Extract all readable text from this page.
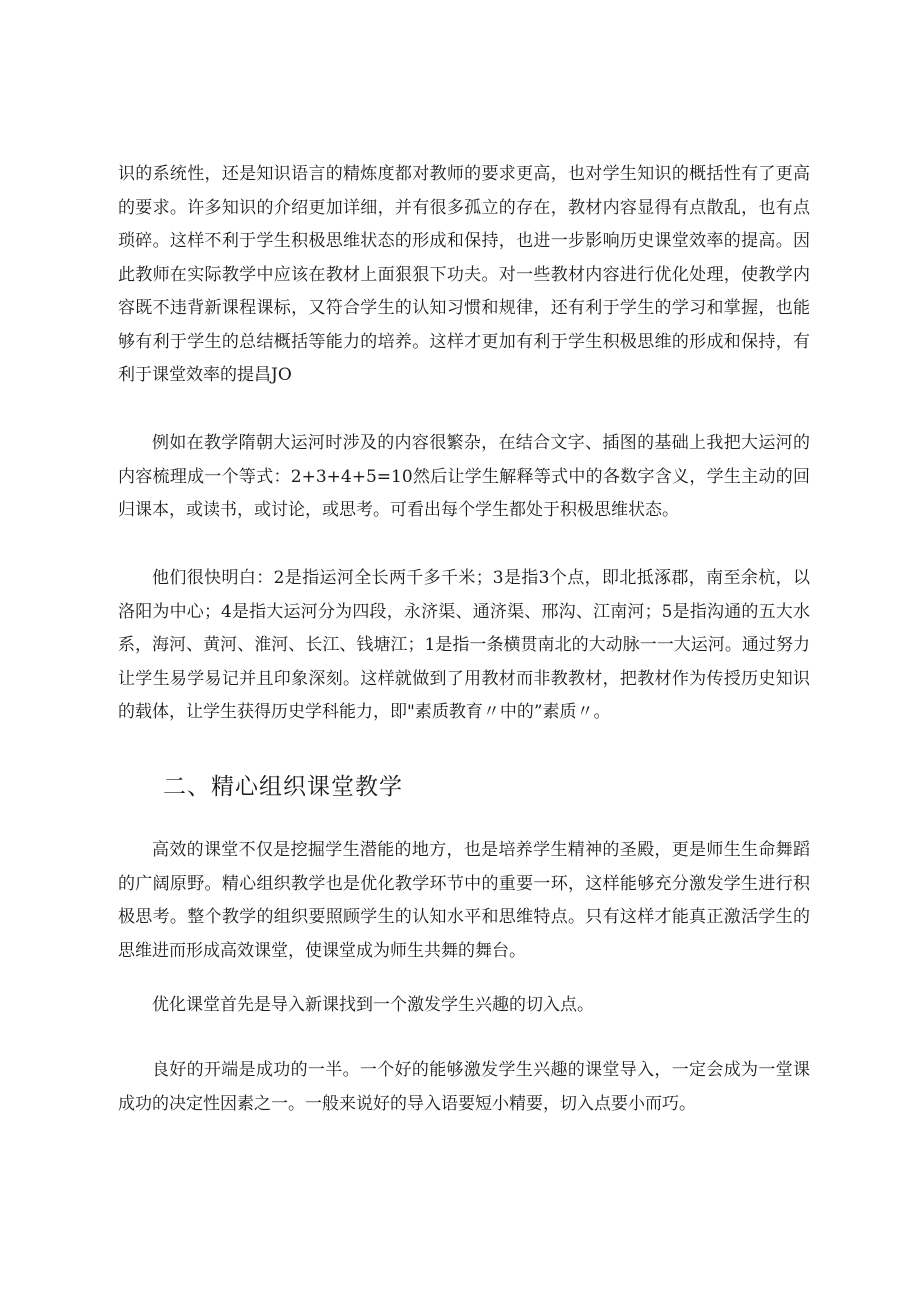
识的系统性，还是知识语言的精炼度都对教师的要求更高，也对学生知识的概括性有了更高的要求。许多知识的介绍更加详细，并有很多孤立的存在，教材内容显得有点散乱，也有点琐碎。这样不利于学生积极思维状态的形成和保持，也进一步影响历史课堂效率的提高。因此教师在实际教学中应该在教材上面狠狠下功夫。对一些教材内容进行优化处理，使教学内容既不违背新课程课标，又符合学生的认知习惯和规律，还有利于学生的学习和掌握，也能够有利于学生的总结概括等能力的培养。这样才更加有利于学生积极思维的形成和保持，有利于课堂效率的提昌JO

例如在教学隋朝大运河时涉及的内容很繁杂，在结合文字、插图的基础上我把大运河的内容梳理成一个等式：2+3+4+5=10然后让学生解释等式中的各数字含义，学生主动的回归课本，或读书，或讨论，或思考。可看出每个学生都处于积极思维状态。

他们很快明白：2是指运河全长两千多千米；3是指3个点，即北抵涿郡，南至余杭，以洛阳为中心；4是指大运河分为四段，永济渠、通济渠、邢沟、江南河；5是指沟通的五大水系，海河、黄河、淮河、长江、钱塘江；1是指一条横贯南北的大动脉一一大运河。通过努力让学生易学易记并且印象深刻。这样就做到了用教材而非教教材，把教材作为传授历史知识的载体，让学生获得历史学科能力，即"素质教育〃中的”素质〃。

二、精心组织课堂教学

高效的课堂不仅是挖掘学生潜能的地方，也是培养学生精神的圣殿，更是师生生命舞蹈的广阔原野。精心组织教学也是优化教学环节中的重要一环，这样能够充分激发学生进行积极思考。整个教学的组织要照顾学生的认知水平和思维特点。只有这样才能真正激活学生的思维进而形成高效课堂，使课堂成为师生共舞的舞台。

优化课堂首先是导入新课找到一个激发学生兴趣的切入点。

良好的开端是成功的一半。一个好的能够激发学生兴趣的课堂导入，一定会成为一堂课成功的决定性因素之一。一般来说好的导入语要短小精要，切入点要小而巧。
